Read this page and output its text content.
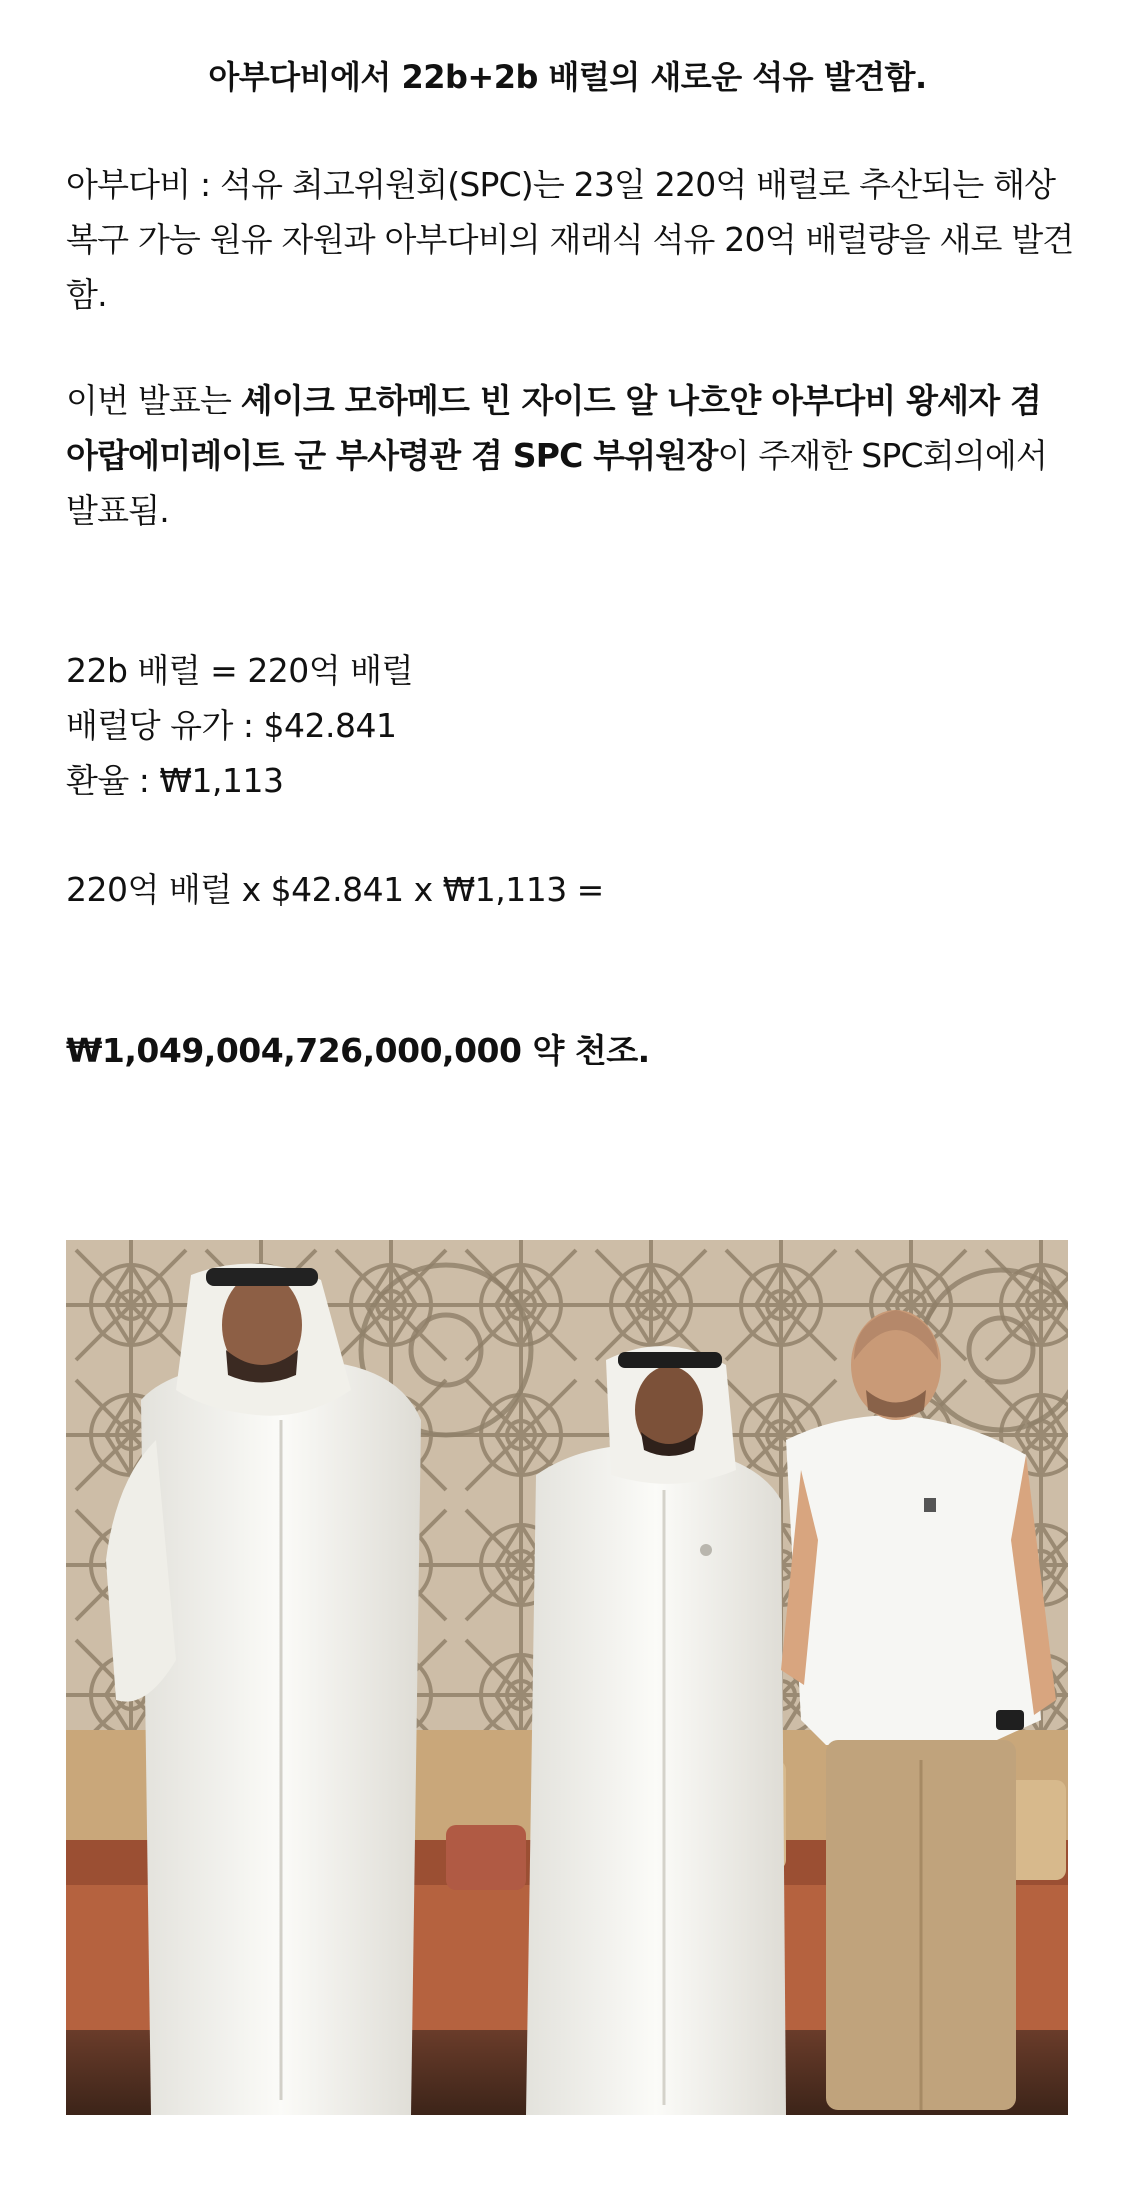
아부다비에서 22b+2b 배럴의 새로운 석유 발견함.

아부다비 : 석유 최고위원회(SPC)는 23일 220억 배럴로 추산되는 해상 복구 가능 원유 자원과 아부다비의 재래식 석유 20억 배럴량을 새로 발견함.

이번 발표는 셰이크 모하메드 빈 자이드 알 나흐얀 아부다비 왕세자 겸 아랍에미레이트 군 부사령관 겸 SPC 부위원장이 주재한 SPC회의에서 발표됨.

22b 배럴 = 220억 배럴
배럴당 유가 : $42.841
환율 : ₩1,113
220억 배럴 x $42.841 x ₩1,113 =
₩1,049,004,726,000,000 약 천조.
